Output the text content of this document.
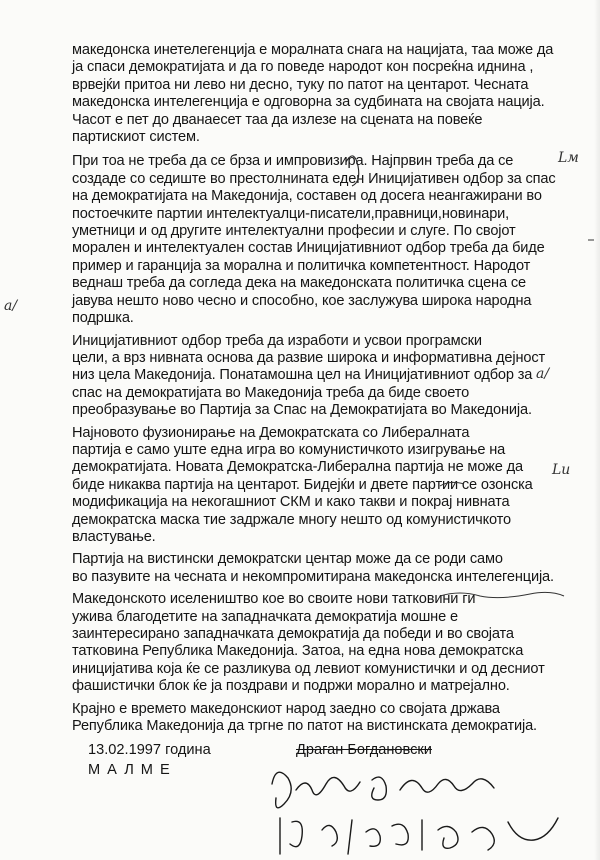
македонска инетелегенција е моралната снага на нацијата, таа може да
ја спаси демократијата и да го поведе народот кон посреќна иднина ,
врвејќи притоа ни лево ни десно, туку по патот на центарот. Чесната
македонска интелегенција е одговорна за судбината на својата нација.
Часот е пет до дванаесет таа да излезе на сцената на повеќе
партискиот систем.

При тоа не треба да се брза и импровизира. Најпрвин треба да се
создаде со седиште во престолнината еден Иницијативен одбор за спас
на демократијата на Македонија, составен од досега неангажирани во
постоечките партии интелектуалци-писатели,правници,новинари,
уметници и од другите интелектуални професии и слуге. По својот
морален и интелектуален состав Иницијативниот одбор треба да биде
пример и гаранција за морална и политичка компетентност. Народот
веднаш треба да согледа дека на македонската политичка сцена се
јавува нешто ново чесно и способно, кое заслужува широка народна
подршка.

Иницијативниот одбор треба да изработи и усвои програмски
цели, а врз нивната основа да развие широка и информативна дејност
низ цела Македонија. Понатамошна цел на Иницијативниот одбор за
спас на демократијата во Македонија треба да биде своето
преобразување во Партија за Спас на Демократијата во Македонија.

Најновото фузионирање на Демократската со Либералната
партија е само уште една игра во комунистичкото изигрување на
демократијата. Новата Демократска-Либерална партија не може да
биде никаква партија на центарот. Бидејќи и двете партии се озонска
модификација на некогашниот СКМ и како такви и покрај нивната
демократска маска тие задржале многу нешто од комунистичкото
властување.

Партија на вистински демократски центар може да се роди само
во пазувите на чесната и некомпромитирана македонска интелегенција.

Македонското иселеништво кое во своите нови татковини ги
уживa благодетите на западначката демократија мошне е
заинтересирано западначката демократија да победи и во својата
татковина Република Македонија. Затоа, на една нова демократска
иницијатива која ќе се разликува од левиот комунистички и од десниот
фашистички блок ќе ја поздрави и подржи морално и матрејално.

Крајно е времето македонскиот народ заедно со својата држава
Република Македонија да тргне по патот на вистинската демократија.

13.02.1997 година
МАЛМЕ
Драган Богдановски
Lм
a/
a/
Lи
